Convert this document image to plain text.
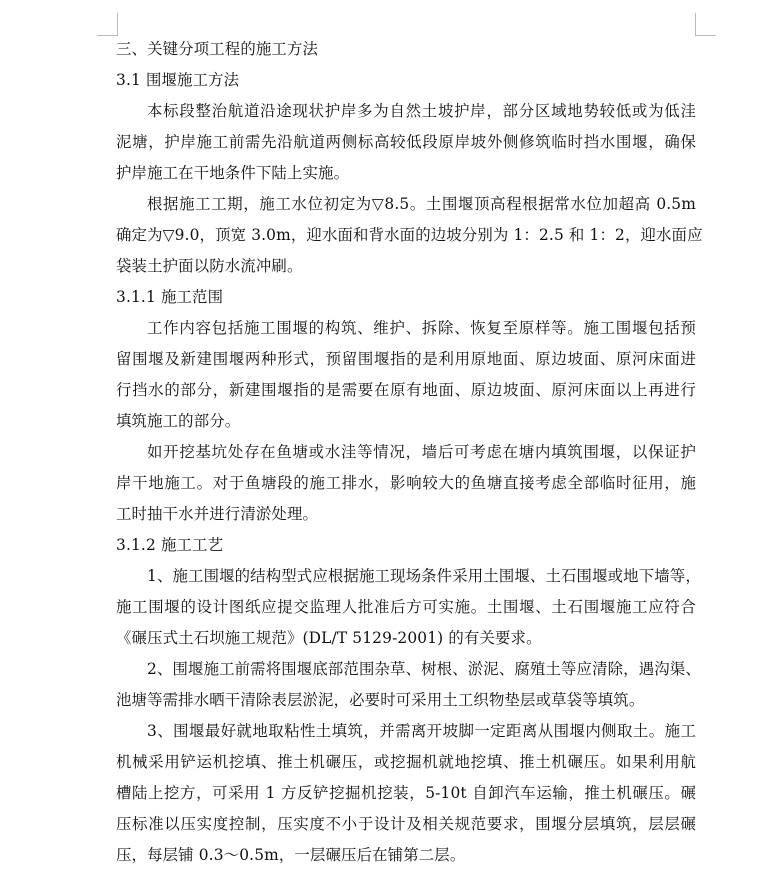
三、关键分项工程的施工方法
3.1 围堰施工方法
本标段整治航道沿途现状护岸多为自然土坡护岸，部分区域地势较低或为低洼
泥塘，护岸施工前需先沿航道两侧标高较低段原岸坡外侧修筑临时挡水围堰，确保
护岸施工在干地条件下陆上实施。
根据施工工期，施工水位初定为▽8.5。土围堰顶高程根据常水位加超高 0.5m
确定为▽9.0，顶宽 3.0m，迎水面和背水面的边坡分别为 1：2.5 和 1：2，迎水面应
袋装土护面以防水流冲刷。
3.1.1 施工范围
工作内容包括施工围堰的构筑、维护、拆除、恢复至原样等。施工围堰包括预
留围堰及新建围堰两种形式，预留围堰指的是利用原地面、原边坡面、原河床面进
行挡水的部分，新建围堰指的是需要在原有地面、原边坡面、原河床面以上再进行
填筑施工的部分。
如开挖基坑处存在鱼塘或水洼等情况，墙后可考虑在塘内填筑围堰，以保证护
岸干地施工。对于鱼塘段的施工排水，影响较大的鱼塘直接考虑全部临时征用，施
工时抽干水并进行清淤处理。
3.1.2 施工工艺
1、施工围堰的结构型式应根据施工现场条件采用土围堰、土石围堰或地下墙等，
施工围堰的设计图纸应提交监理人批准后方可实施。土围堰、土石围堰施工应符合
《碾压式土石坝施工规范》(DL/T 5129-2001) 的有关要求。
2、围堰施工前需将围堰底部范围杂草、树根、淤泥、腐殖土等应清除，遇沟渠、
池塘等需排水晒干清除表层淤泥，必要时可采用土工织物垫层或草袋等填筑。
3、围堰最好就地取粘性土填筑，并需离开坡脚一定距离从围堰内侧取土。施工
机械采用铲运机挖填、推土机碾压，或挖掘机就地挖填、推土机碾压。如果利用航
槽陆上挖方，可采用 1 方反铲挖掘机挖装，5-10t 自卸汽车运输，推土机碾压。碾
压标准以压实度控制，压实度不小于设计及相关规范要求，围堰分层填筑，层层碾
压，每层铺 0.3～0.5m，一层碾压后在铺第二层。
